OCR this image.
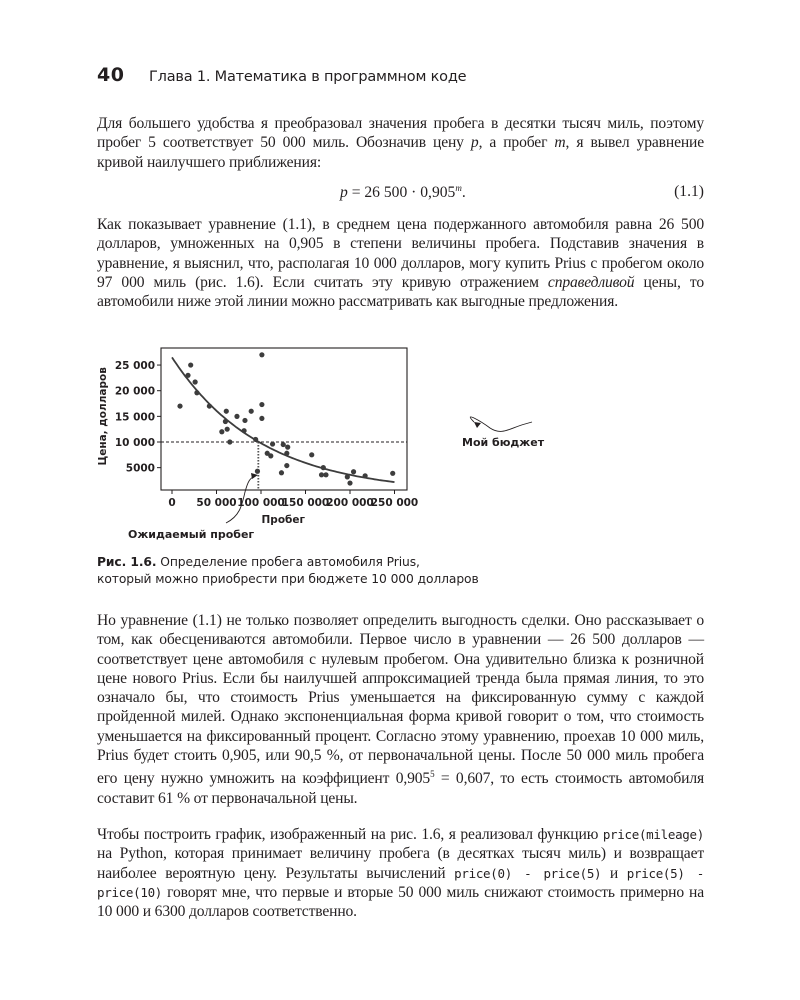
40	Глава 1. Математика в программном коде

Для большего удобства я преобразовал значения пробега в десятки тысяч миль, поэтому пробег 5 соответствует 50 000 миль. Обозначив цену p, а пробег m, я вывел уравнение кривой наилучшего приближения:

p = 26 $500 \cdot 0,905^m$.	(1.1)

Как показывает уравнение (1.1), в среднем цена подержанного автомобиля равна 26 500 долларов, умноженных на 0,905 в степени величины пробега. Подставив значения в уравнение, я выяснил, что, располагая 10 000 долларов, могу купить Prius с пробегом около 97 000 миль (рис. 1.6). Если считать эту кривую отражением справедливой цены, то автомобили ниже этой линии можно рассматривать как выгодные предложения.

5000
10 000
15 000
20 000
25 000
0 50 000 100 000
150 000
200 000
250 000
Пробег
Цена, долларов	Мой бюджет
Ожидаемый пробег
Рис. 1.6. Определение пробега автомобиля Prius,
который можно приобрести при бюджете 10 000 долларов

Но уравнение (1.1) не только позволяет определить выгодность сделки. Оно рассказывает о том, как обесцениваются автомобили. Первое число в уравнении — 26 500 долларов — соответствует цене автомобиля с нулевым пробегом. Она удивительно близка к розничной цене нового Prius. Если бы наилучшей аппроксимацией тренда была прямая линия, то это означало бы, что стоимость Prius уменьшается на фиксированную сумму с каждой пройденной милей. Однако экспоненциальная форма кривой говорит о том, что стоимость уменьшается на фиксированный процент. Согласно этому уравнению, проехав 10 000 миль, Prius будет стоить 0,905, или 90,5 %, от первоначальной цены. После 50 000 миль пробега его цену нужно умножить на коэффициент $0,905^5 = 0,607$, то есть стоимость автомобиля составит 61 % от первоначальной цены.

Чтобы построить график, изображенный на рис. 1.6, я реализовал функцию price(mileage) на Python, которая принимает величину пробега (в десятках тысяч миль) и возвращает наиболее вероятную цену. Результаты вычислений price(0) - price(5) и price(5) - price(10) говорят мне, что первые и вторые 50 000 миль снижают стоимость примерно на 10 000 и 6300 долларов соответственно.
